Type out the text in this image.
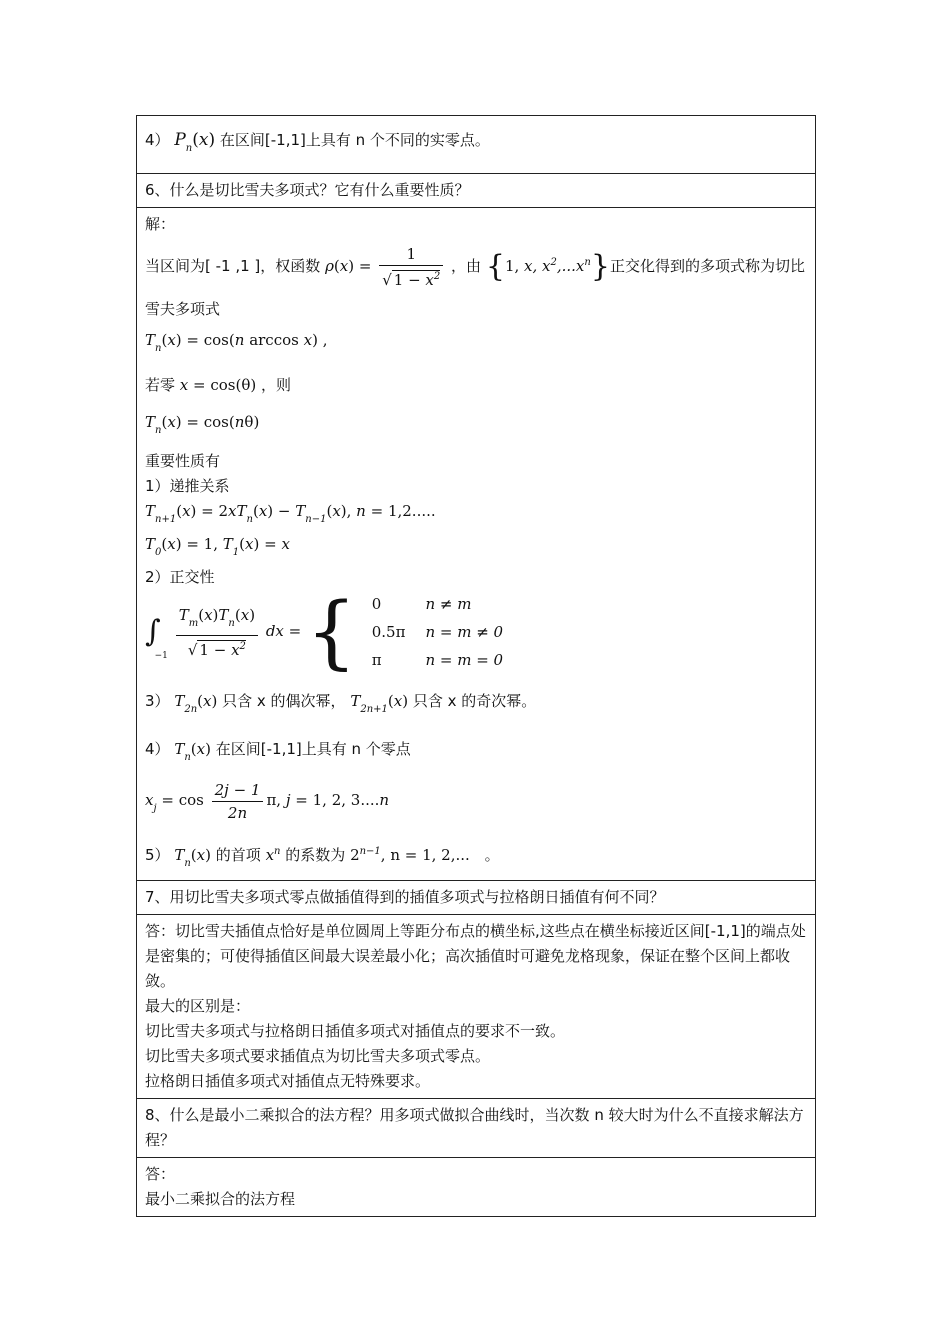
4） $P_n(x)$ 在区间[-1,1]上具有 n 个不同的实零点。
6、什么是切比雪夫多项式？它有什么重要性质？

解：
当区间为[ -1 ,1 ]，权函数 $\rho(x) = \frac{1}{√ 1 - x^2}$ ，由 {1, x, $x^2,...x^n$}正交化得到的多项式称为切比
雪夫多项式
$T_n(x) = \cos(n$ arccos x) ,
若零 x = cos(θ) ，则
$T_n(x) = \cos(n\theta)$
重要性质有
1）递推关系
$T_{n+1}(x) = 2xT_n(x) - T_{n-1}(x)$, n = 1,2.....
$T_0(x) = 1$, $T_1(x) = x$
2）正交性
$\int_{-1} \frac{T_m(x)T_n(x)}{√ 1 - x^2}$ dx = { 0	n ≠ m
0.5π	n = m ≠ 0
π	n = m = 0
3） $T_{2n}(x)$ 只含 x 的偶次幂， $T_{2n+1}(x)$ 只含 x 的奇次幂。
4） $T_n(x)$ 在区间[-1,1]上具有 n 个零点
$x_j = \cos \frac{2j - 1}{2n} \pi$, j = 1, 2, 3....n
5） $T_n(x)$ 的首项 $x^n$ 的系数为 $2^{n-1}$, n = 1, 2,... 。

7、用切比雪夫多项式零点做插值得到的插值多项式与拉格朗日插值有何不同？

答：切比雪夫插值点恰好是单位圆周上等距分布点的横坐标,这些点在横坐标接近区间[-1,1]的端点处是密集的；可使得插值区间最大误差最小化；高次插值时可避免龙格现象，保证在整个区间上都收敛。
最大的区别是：
切比雪夫多项式与拉格朗日插值多项式对插值点的要求不一致。
切比雪夫多项式要求插值点为切比雪夫多项式零点。
拉格朗日插值多项式对插值点无特殊要求。

8、什么是最小二乘拟合的法方程？用多项式做拟合曲线时，当次数 n 较大时为什么不直接求解法方程？

答：
最小二乘拟合的法方程
